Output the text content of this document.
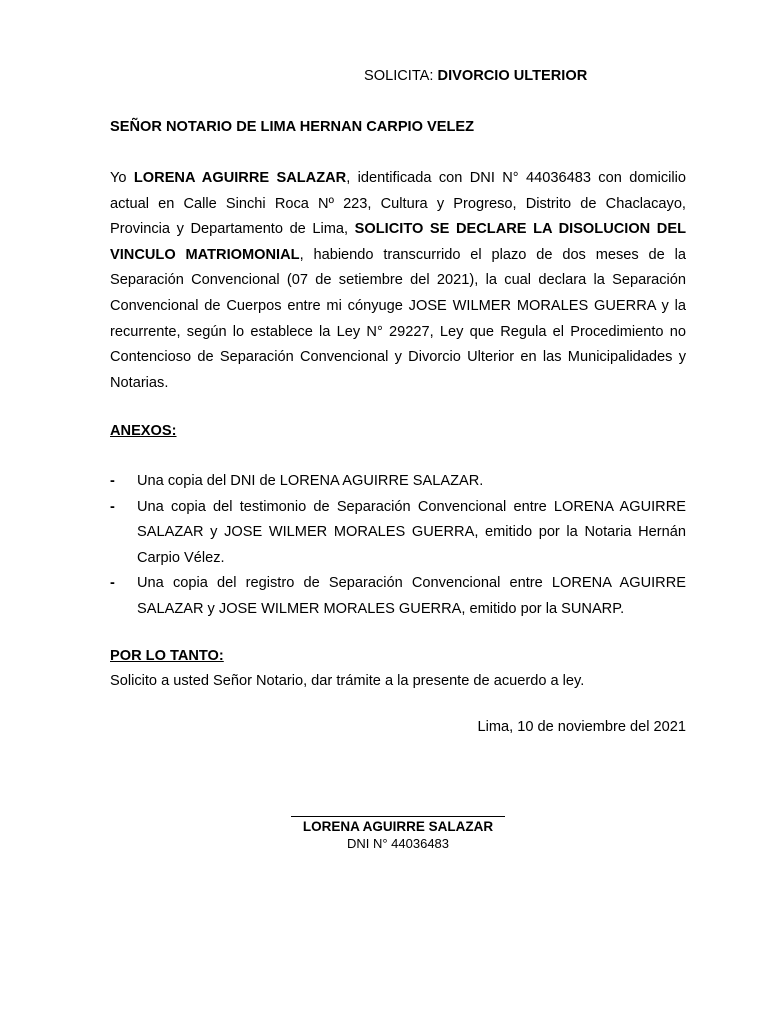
SOLICITA: DIVORCIO ULTERIOR
SEÑOR NOTARIO DE LIMA HERNAN CARPIO VELEZ
Yo LORENA AGUIRRE SALAZAR, identificada con DNI N° 44036483 con domicilio actual en Calle Sinchi Roca Nº 223, Cultura y Progreso, Distrito de Chaclacayo, Provincia y Departamento de Lima, SOLICITO SE DECLARE LA DISOLUCION DEL VINCULO MATRIOMONIAL, habiendo transcurrido el plazo de dos meses de la Separación Convencional (07 de setiembre del 2021), la cual declara la Separación Convencional de Cuerpos entre mi cónyuge JOSE WILMER MORALES GUERRA y la recurrente, según lo establece la Ley N° 29227, Ley que Regula el Procedimiento no Contencioso de Separación Convencional y Divorcio Ulterior en las Municipalidades y Notarias.
ANEXOS:
- Una copia del DNI de LORENA AGUIRRE SALAZAR.
- Una copia del testimonio de Separación Convencional entre LORENA AGUIRRE SALAZAR y JOSE WILMER MORALES GUERRA, emitido por la Notaria Hernán Carpio Vélez.
- Una copia del registro de Separación Convencional entre LORENA AGUIRRE SALAZAR y JOSE WILMER MORALES GUERRA, emitido por la SUNARP.
POR LO TANTO:
Solicito a usted Señor Notario, dar trámite a la presente de acuerdo a ley.
Lima, 10 de noviembre del 2021
LORENA AGUIRRE SALAZAR
DNI N° 44036483
